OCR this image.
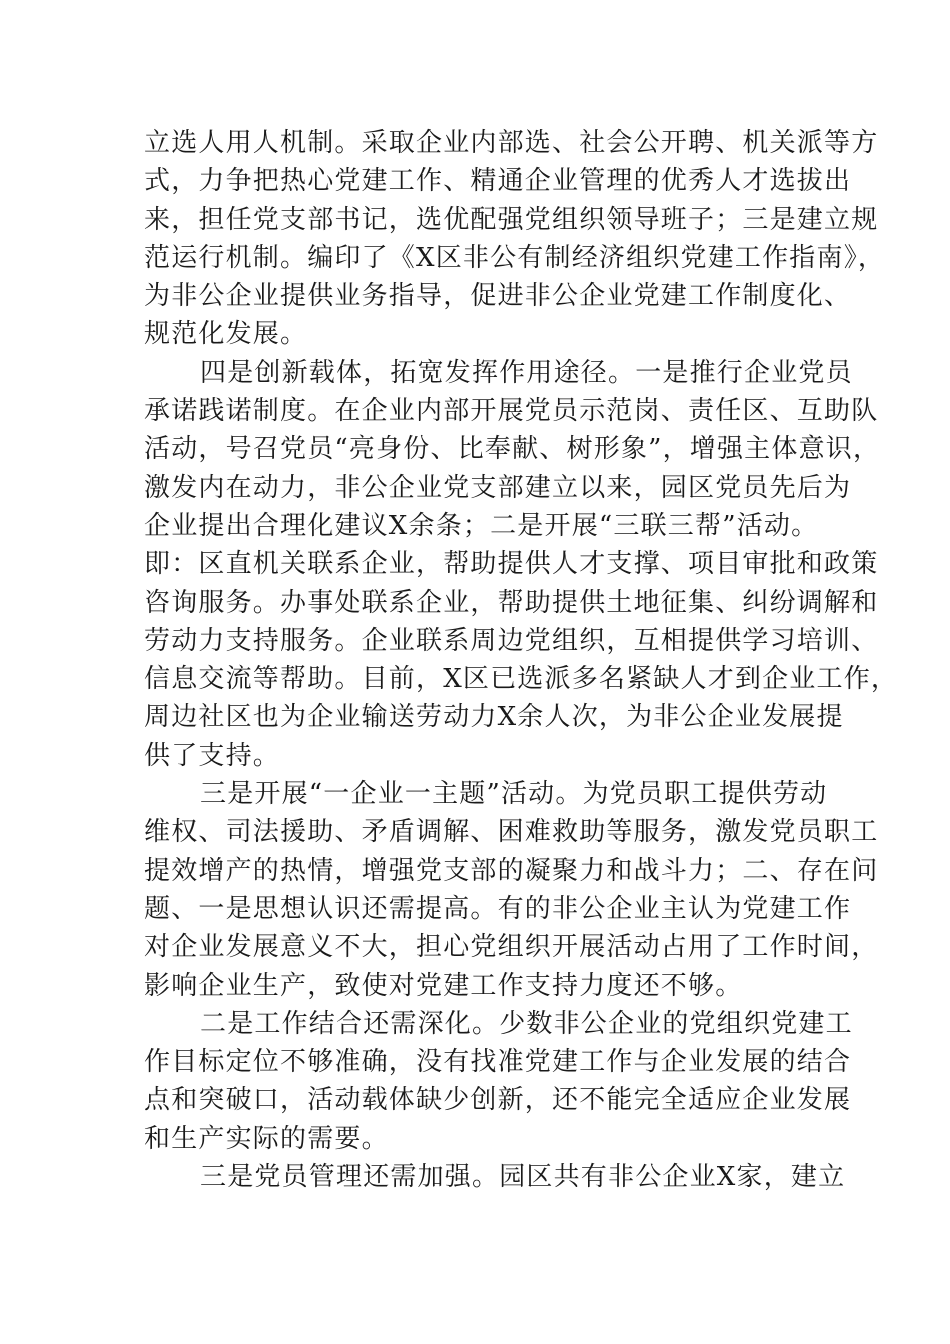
立选人用人机制。采取企业内部选、社会公开聘、机关派等方
式，力争把热心党建工作、精通企业管理的优秀人才选拔出
来，担任党支部书记，选优配强党组织领导班子；三是建立规
范运行机制。编印了《X区非公有制经济组织党建工作指南》，
为非公企业提供业务指导，促进非公企业党建工作制度化、
规范化发展。
四是创新载体，拓宽发挥作用途径。一是推行企业党员
承诺践诺制度。在企业内部开展党员示范岗、责任区、互助队
活动，号召党员“亮身份、比奉献、树形象”，增强主体意识，
激发内在动力，非公企业党支部建立以来，园区党员先后为
企业提出合理化建议X余条；二是开展“三联三帮”活动。
即：区直机关联系企业，帮助提供人才支撑、项目审批和政策
咨询服务。办事处联系企业，帮助提供土地征集、纠纷调解和
劳动力支持服务。企业联系周边党组织，互相提供学习培训、
信息交流等帮助。目前，X区已选派多名紧缺人才到企业工作，
周边社区也为企业输送劳动力X余人次，为非公企业发展提
供了支持。
三是开展“一企业一主题”活动。为党员职工提供劳动
维权、司法援助、矛盾调解、困难救助等服务，激发党员职工
提效增产的热情，增强党支部的凝聚力和战斗力；二、存在问
题、一是思想认识还需提高。有的非公企业主认为党建工作
对企业发展意义不大，担心党组织开展活动占用了工作时间，
影响企业生产，致使对党建工作支持力度还不够。
二是工作结合还需深化。少数非公企业的党组织党建工
作目标定位不够准确，没有找准党建工作与企业发展的结合
点和突破口，活动载体缺少创新，还不能完全适应企业发展
和生产实际的需要。
三是党员管理还需加强。园区共有非公企业X家，建立
